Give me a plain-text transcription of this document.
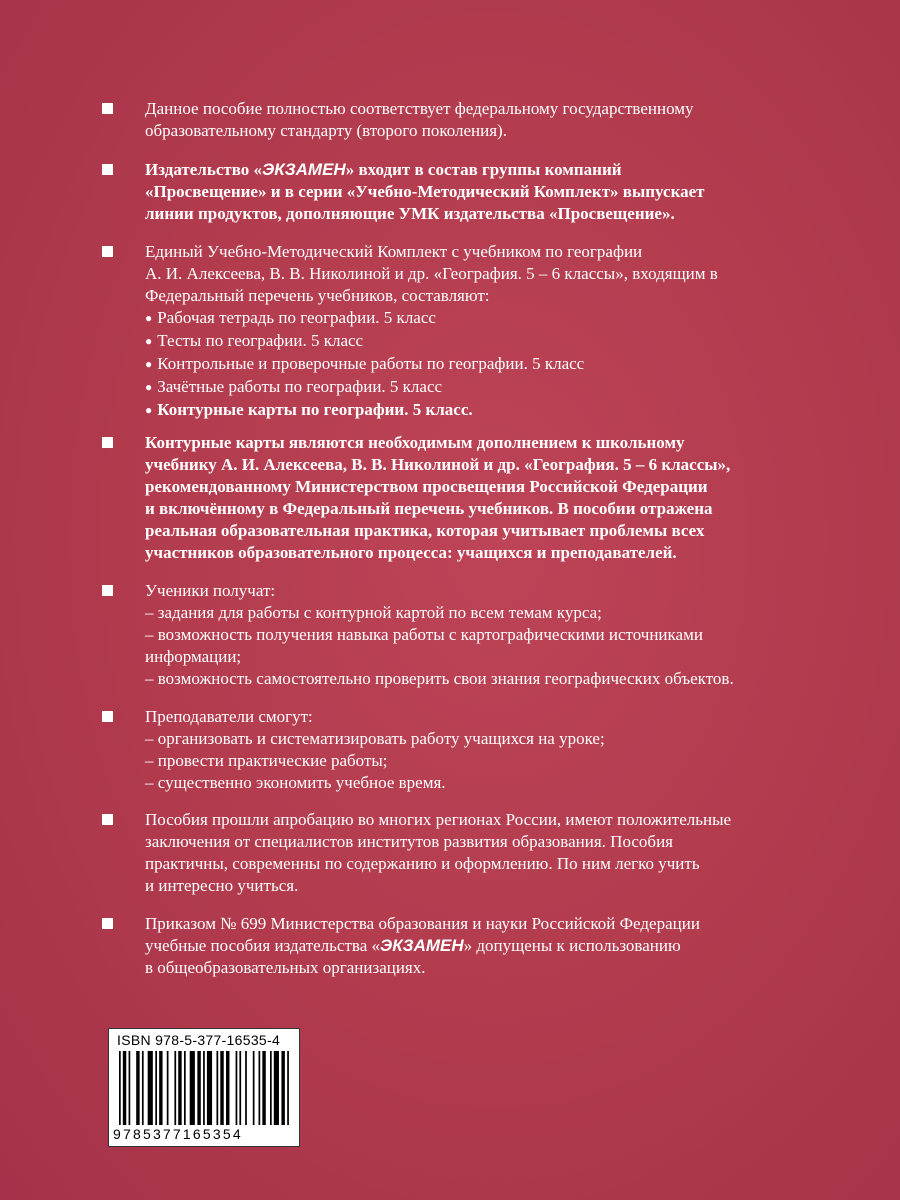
Данное пособие полностью соответствует федеральному государственному
образовательному стандарту (второго поколения).
Издательство «ЭКЗАМЕН» входит в состав группы компаний
«Просвещение» и в серии «Учебно-Методический Комплект» выпускает
линии продуктов, дополняющие УМК издательства «Просвещение».
Единый Учебно-Методический Комплект с учебником по географии
А. И. Алексеева, В. В. Николиной и др. «География. 5 – 6 классы», входящим в
Федеральный перечень учебников, составляют:
● Рабочая тетрадь по географии. 5 класс
● Тесты по географии. 5 класс
● Контрольные и проверочные работы по географии. 5 класс
● Зачётные работы по географии. 5 класс
● Контурные карты по географии. 5 класс.
Контурные карты являются необходимым дополнением к школьному
учебнику А. И. Алексеева, В. В. Николиной и др. «География. 5 – 6 классы»,
рекомендованному Министерством просвещения Российской Федерации
и включённому в Федеральный перечень учебников. В пособии отражена
реальная образовательная практика, которая учитывает проблемы всех
участников образовательного процесса: учащихся и преподавателей.
Ученики получат:
– задания для работы с контурной картой по всем темам курса;
– возможность получения навыка работы с картографическими источниками
информации;
– возможность самостоятельно проверить свои знания географических объектов.
Преподаватели смогут:
– организовать и систематизировать работу учащихся на уроке;
– провести практические работы;
– существенно экономить учебное время.
Пособия прошли апробацию во многих регионах России, имеют положительные
заключения от специалистов институтов развития образования. Пособия
практичны, современны по содержанию и оформлению. По ним легко учить
и интересно учиться.
Приказом № 699 Министерства образования и науки Российской Федерации
учебные пособия издательства «ЭКЗАМЕН» допущены к использованию
в общеобразовательных организациях.
ISBN 978-5-377-16535-4
9785377165354
